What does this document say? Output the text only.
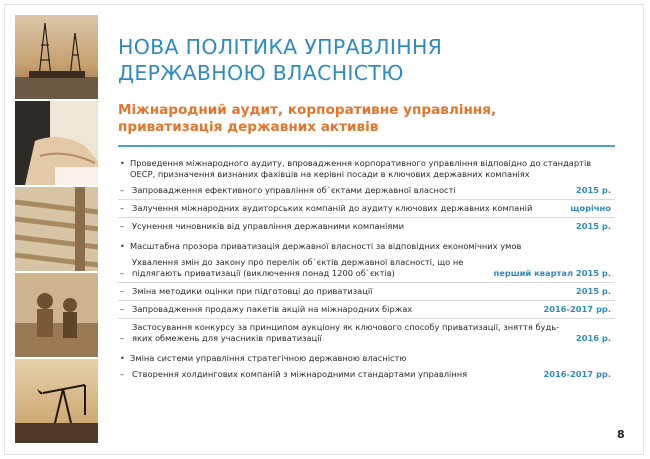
НОВА ПОЛІТИКА УПРАВЛІННЯ
ДЕРЖАВНОЮ ВЛАСНІСТЮ
Міжнародний аудит, корпоративне управління,
приватизація державних активів
• Проведення міжнародного аудиту, впровадження корпоративного управління відповідно до стандартів ОЕСР, призначення визнаних фахівців на керівні посади в ключових державних компаніях
– Запровадження ефективного управління об`єктами державної власності	2015 р.
– Залучення міжнародних аудиторських компаній до аудиту ключових державних компаній	щорічно
– Усунення чиновників від управління державними компаніями	2015 р.
• Масштабна прозора приватизація державної власності за відповідних економічних умов
–
Ухвалення змін до закону про перелік об`єктів державної власності, що не підлягають приватизації (виключення понад 1200 об`єктів)	перший квартал 2015 р.
– Зміна методики оцінки при підготовці до приватизації	2015 р.
– Запровадження продажу пакетів акцій на міжнародних біржах	2016-2017 рр.
–
Застосування конкурсу за принципом аукціону як ключового способу приватизації, зняття будь-яких обмежень для учасників приватизації	2016 р.
• Зміна системи управління стратегічною державною власністю
– Створення холдингових компаній з міжнародними стандартами управління	2016-2017 рр.
8
